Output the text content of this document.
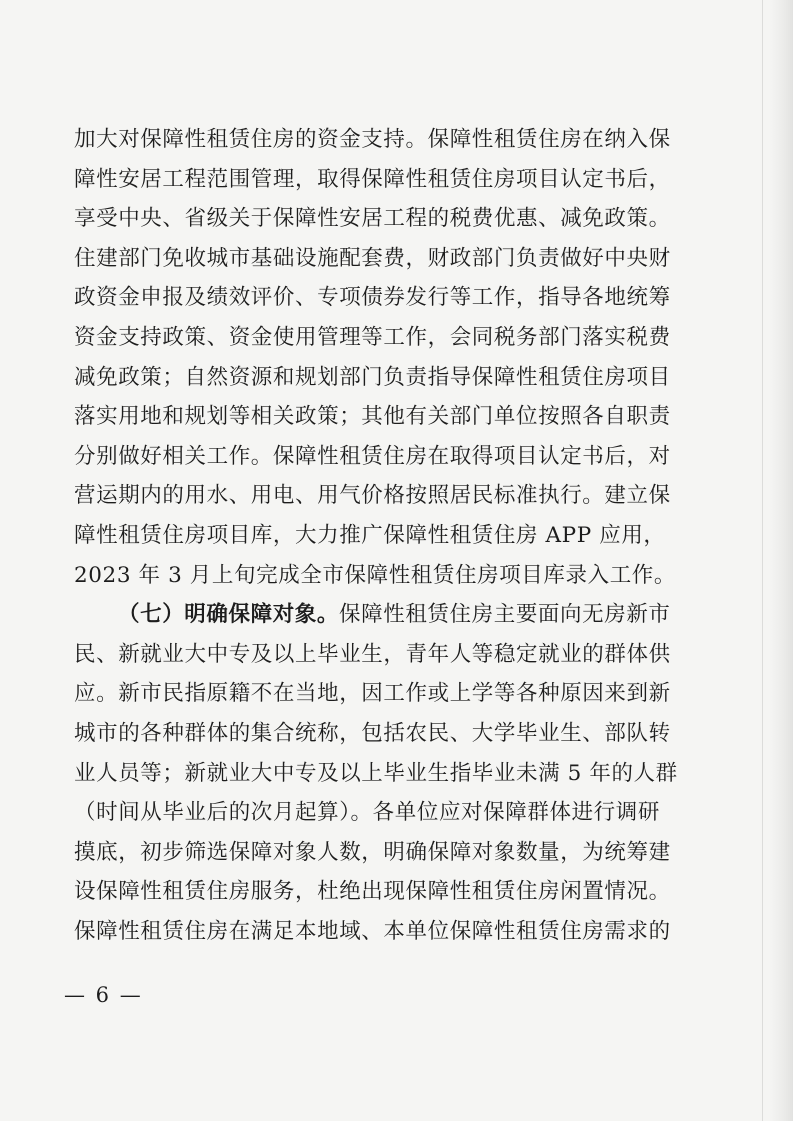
加大对保障性租赁住房的资金支持。保障性租赁住房在纳入保
障性安居工程范围管理，取得保障性租赁住房项目认定书后，
享受中央、省级关于保障性安居工程的税费优惠、减免政策。
住建部门免收城市基础设施配套费，财政部门负责做好中央财
政资金申报及绩效评价、专项债券发行等工作，指导各地统筹
资金支持政策、资金使用管理等工作，会同税务部门落实税费
减免政策；自然资源和规划部门负责指导保障性租赁住房项目
落实用地和规划等相关政策；其他有关部门单位按照各自职责
分别做好相关工作。保障性租赁住房在取得项目认定书后，对
营运期内的用水、用电、用气价格按照居民标准执行。建立保
障性租赁住房项目库，大力推广保障性租赁住房 APP 应用，
2023 年 3 月上旬完成全市保障性租赁住房项目库录入工作。
（七）明确保障对象。保障性租赁住房主要面向无房新市
民、新就业大中专及以上毕业生，青年人等稳定就业的群体供
应。新市民指原籍不在当地，因工作或上学等各种原因来到新
城市的各种群体的集合统称，包括农民、大学毕业生、部队转
业人员等；新就业大中专及以上毕业生指毕业未满 5 年的人群
（时间从毕业后的次月起算）。各单位应对保障群体进行调研
摸底，初步筛选保障对象人数，明确保障对象数量，为统筹建
设保障性租赁住房服务，杜绝出现保障性租赁住房闲置情况。
保障性租赁住房在满足本地域、本单位保障性租赁住房需求的
— 6 —
